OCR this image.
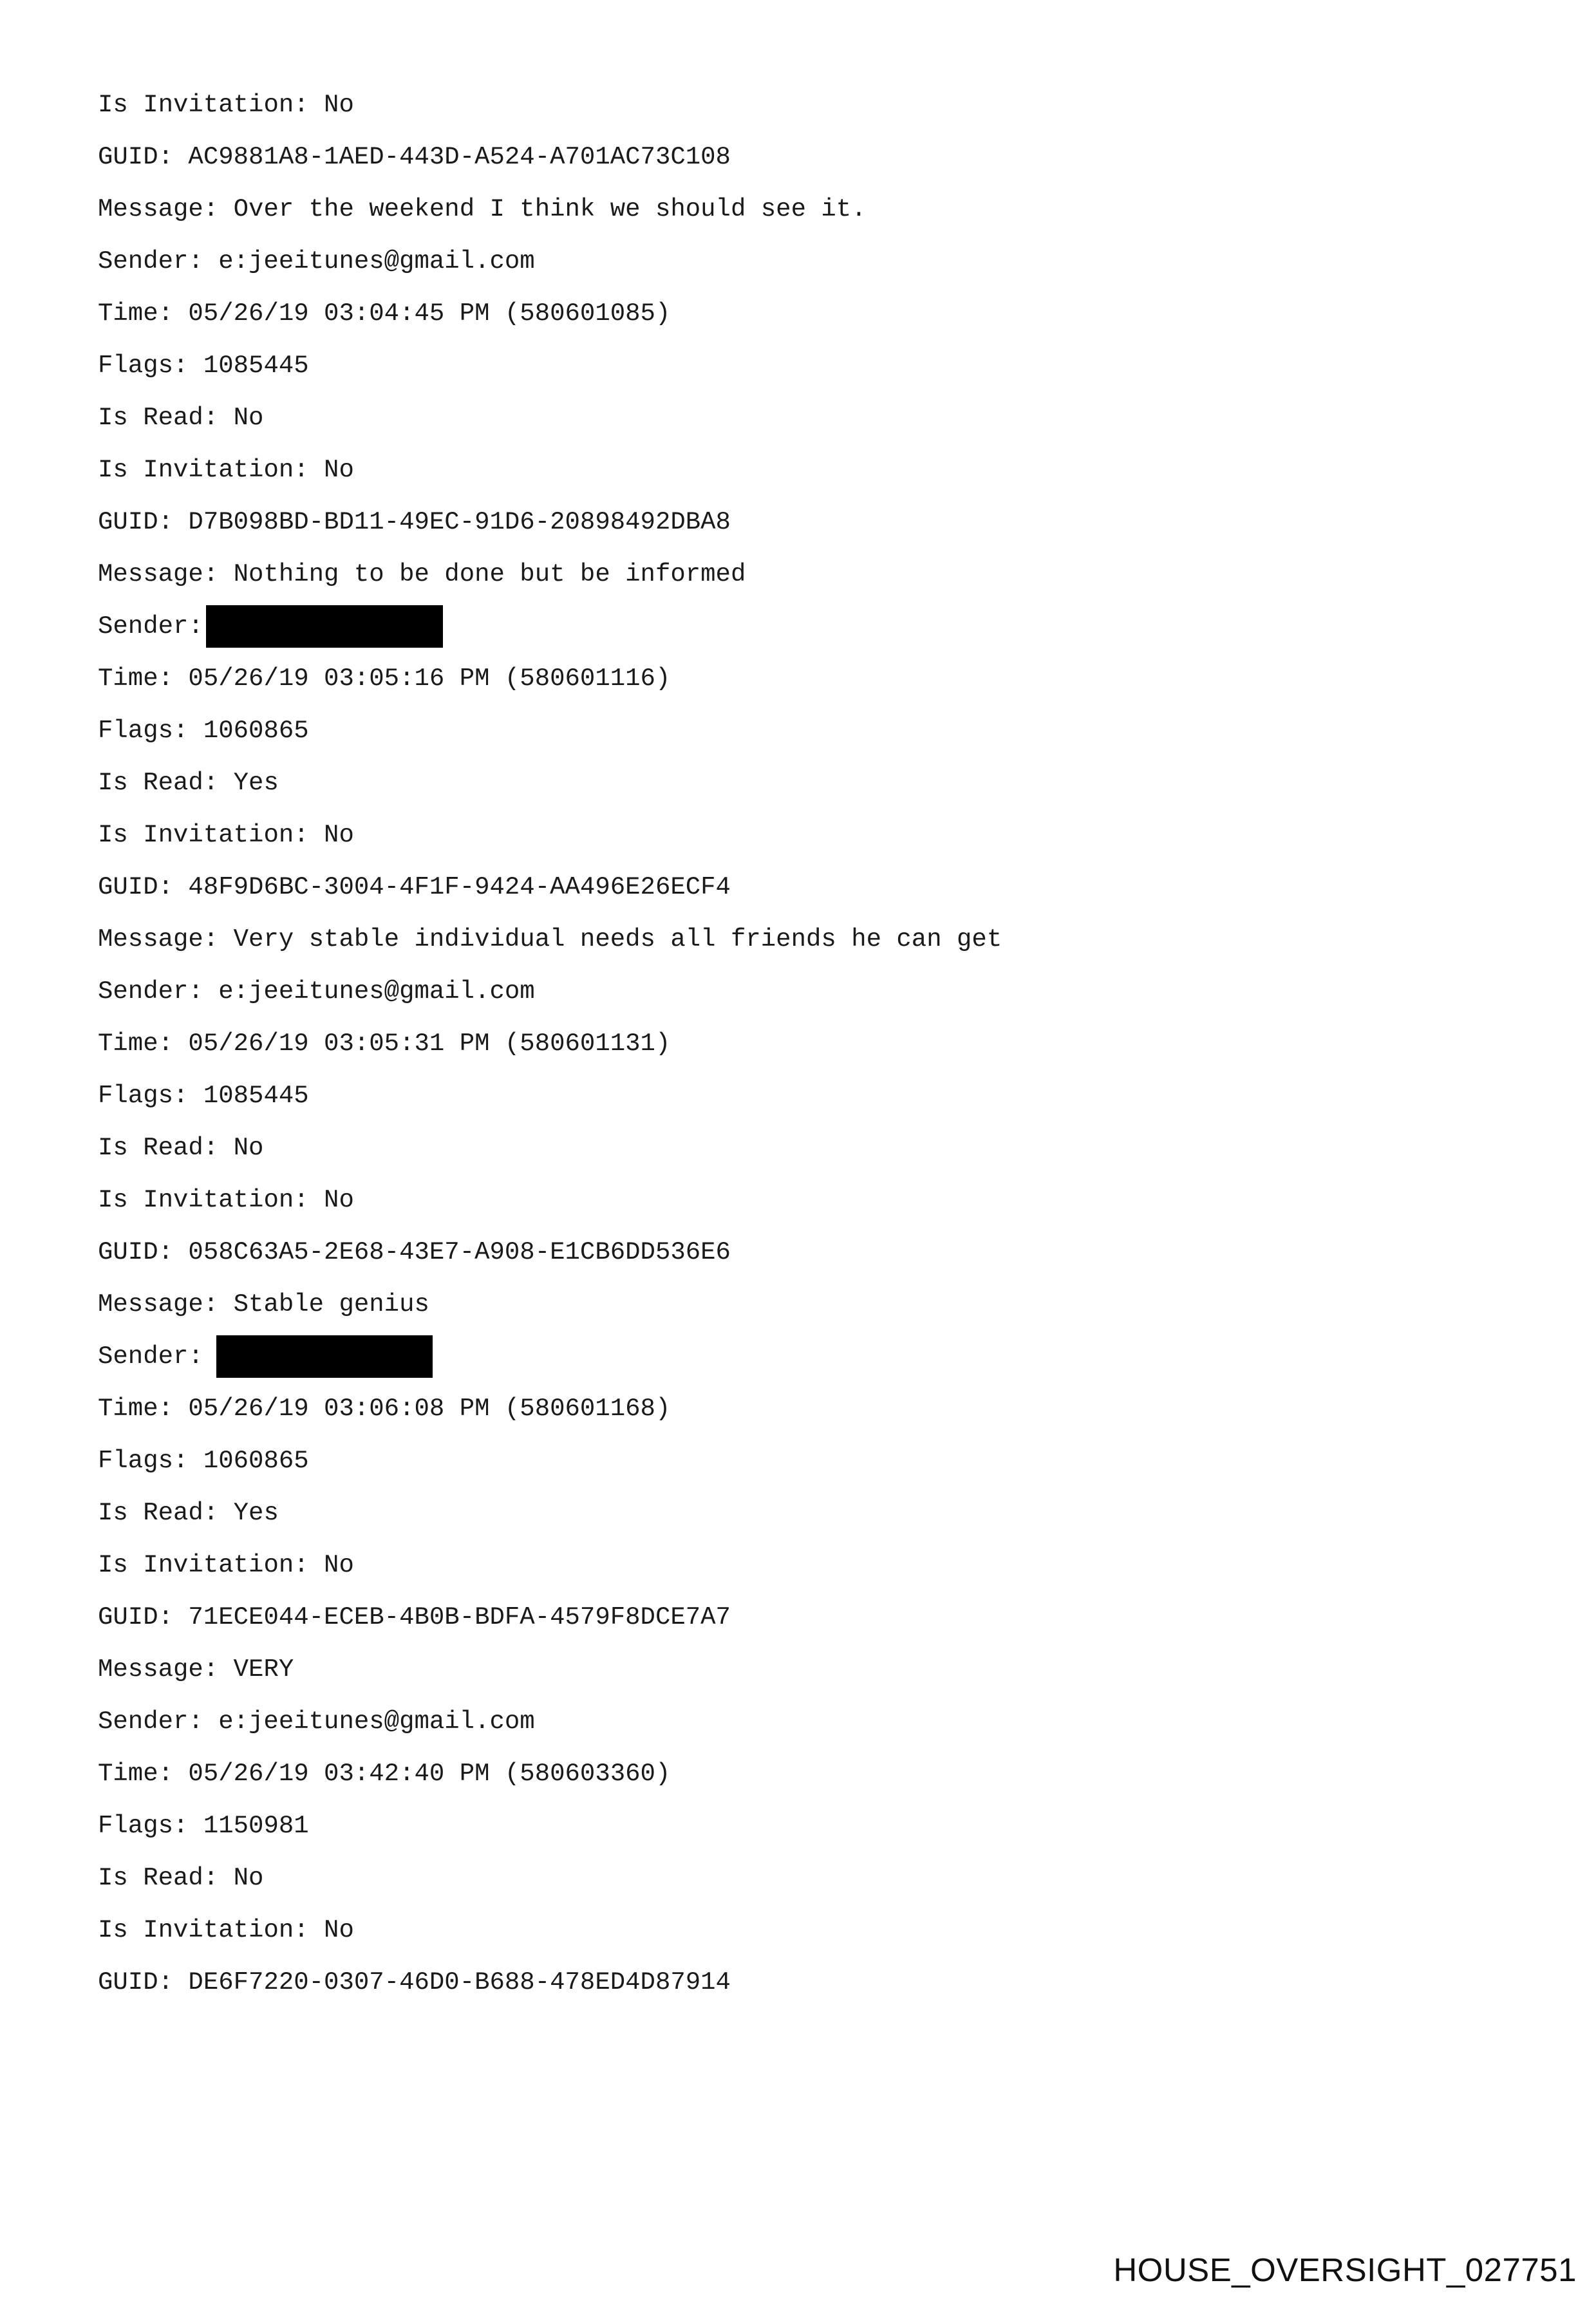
Is Invitation: No
GUID: AC9881A8-1AED-443D-A524-A701AC73C108
Message: Over the weekend I think we should see it.
Sender: e:jeeitunes@gmail.com
Time: 05/26/19 03:04:45 PM (580601085)
Flags: 1085445
Is Read: No
Is Invitation: No
GUID: D7B098BD-BD11-49EC-91D6-20898492DBA8
Message: Nothing to be done but be informed
Sender:
Time: 05/26/19 03:05:16 PM (580601116)
Flags: 1060865
Is Read: Yes
Is Invitation: No
GUID: 48F9D6BC-3004-4F1F-9424-AA496E26ECF4
Message: Very stable individual needs all friends he can get
Sender: e:jeeitunes@gmail.com
Time: 05/26/19 03:05:31 PM (580601131)
Flags: 1085445
Is Read: No
Is Invitation: No
GUID: 058C63A5-2E68-43E7-A908-E1CB6DD536E6
Message: Stable genius
Sender:
Time: 05/26/19 03:06:08 PM (580601168)
Flags: 1060865
Is Read: Yes
Is Invitation: No
GUID: 71ECE044-ECEB-4B0B-BDFA-4579F8DCE7A7
Message: VERY
Sender: e:jeeitunes@gmail.com
Time: 05/26/19 03:42:40 PM (580603360)
Flags: 1150981
Is Read: No
Is Invitation: No
GUID: DE6F7220-0307-46D0-B688-478ED4D87914
HOUSE_OVERSIGHT_027751
